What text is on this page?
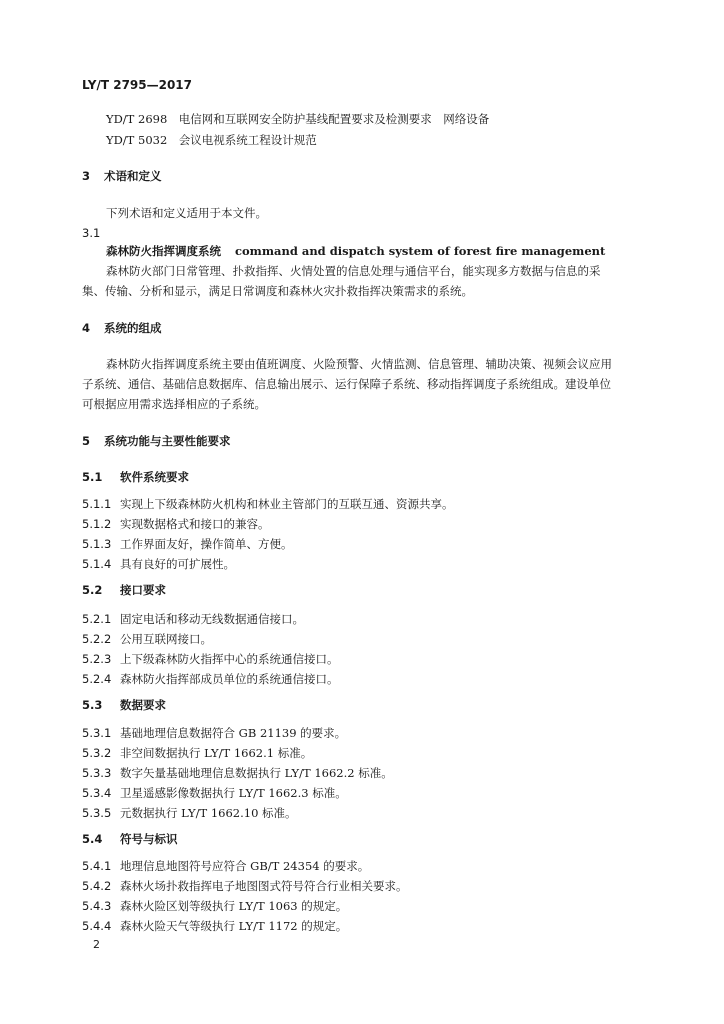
LY/T 2795—2017
YD/T 2698　电信网和互联网安全防护基线配置要求及检测要求　网络设备
YD/T 5032　会议电视系统工程设计规范
3 术语和定义
下列术语和定义适用于本文件。
3.1
森林防火指挥调度系统 command and dispatch system of forest fire management
森林防火部门日常管理、扑救指挥、火情处置的信息处理与通信平台，能实现多方数据与信息的采
集、传输、分析和显示，满足日常调度和森林火灾扑救指挥决策需求的系统。
4 系统的组成
森林防火指挥调度系统主要由值班调度、火险预警、火情监测、信息管理、辅助决策、视频会议应用
子系统、通信、基础信息数据库、信息输出展示、运行保障子系统、移动指挥调度子系统组成。建设单位
可根据应用需求选择相应的子系统。
5 系统功能与主要性能要求
5.1 软件系统要求
5.1.1 实现上下级森林防火机构和林业主管部门的互联互通、资源共享。
5.1.2 实现数据格式和接口的兼容。
5.1.3 工作界面友好，操作简单、方便。
5.1.4 具有良好的可扩展性。
5.2 接口要求
5.2.1 固定电话和移动无线数据通信接口。
5.2.2 公用互联网接口。
5.2.3 上下级森林防火指挥中心的系统通信接口。
5.2.4 森林防火指挥部成员单位的系统通信接口。
5.3 数据要求
5.3.1 基础地理信息数据符合 GB 21139 的要求。
5.3.2 非空间数据执行 LY/T 1662.1 标准。
5.3.3 数字矢量基础地理信息数据执行 LY/T 1662.2 标准。
5.3.4 卫星遥感影像数据执行 LY/T 1662.3 标准。
5.3.5 元数据执行 LY/T 1662.10 标准。
5.4 符号与标识
5.4.1 地理信息地图符号应符合 GB/T 24354 的要求。
5.4.2 森林火场扑救指挥电子地图图式符号符合行业相关要求。
5.4.3 森林火险区划等级执行 LY/T 1063 的规定。
5.4.4 森林火险天气等级执行 LY/T 1172 的规定。
2
